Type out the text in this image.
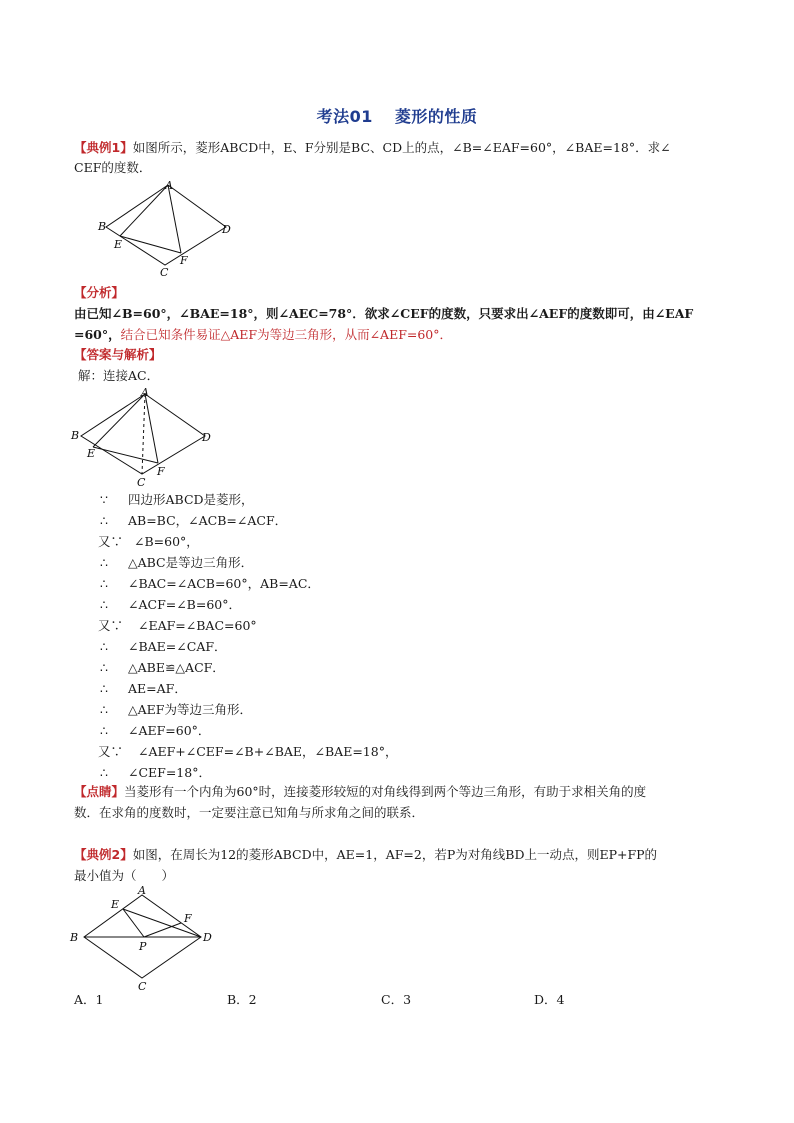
考法01 菱形的性质
【典例1】如图所示，菱形ABCD中，E、F分别是BC、CD上的点，∠B=∠EAF=60°，∠BAE=18°．求∠
CEF的度数．
A
B
E
F
C
D
【分析】
由已知∠B=60°，∠BAE=18°，则∠AEC=78°．欲求∠CEF的度数，只要求出∠AEF的度数即可，由∠EAF
=60°，结合已知条件易证△AEF为等边三角形，从而∠AEF=60°．
【答案与解析】
解：连接AC．
A
B
E
F
C
D
∵ 四边形ABCD是菱形，
∴ AB=BC，∠ACB=∠ACF．
又∵ ∠B=60°，
∴ △ABC是等边三角形．
∴ ∠BAC=∠ACB=60°，AB=AC．
∴ ∠ACF=∠B=60°．
又∵ ∠EAF=∠BAC=60°
∴ ∠BAE=∠CAF．
∴ △ABE≌△ACF．
∴ AE=AF．
∴ △AEF为等边三角形．
∴ ∠AEF=60°．
又∵ ∠AEF+∠CEF=∠B+∠BAE，∠BAE=18°，
∴ ∠CEF=18°．
【点睛】当菱形有一个内角为60°时，连接菱形较短的对角线得到两个等边三角形，有助于求相关角的度
数．在求角的度数时，一定要注意已知角与所求角之间的联系．
【典例2】如图，在周长为12的菱形ABCD中，AE=1，AF=2，若P为对角线BD上一动点，则EP+FP的
最小值为（　　）
A
E
F
B
P
D
C
A．1	B．2	C．3	D．4
